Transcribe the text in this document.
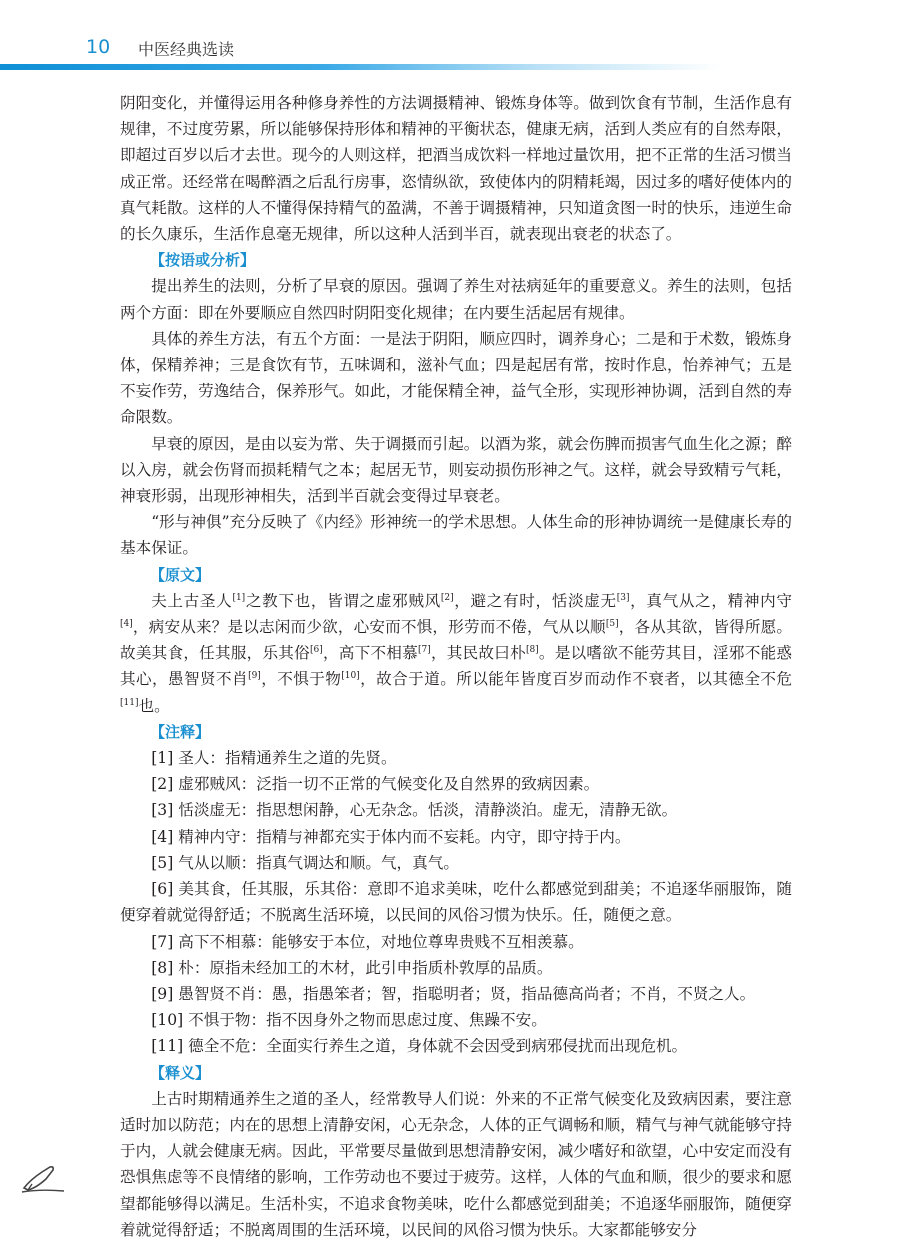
10 中医经典选读

阴阳变化，并懂得运用各种修身养性的方法调摄精神、锻炼身体等。做到饮食有节制，生活作息有规律，不过度劳累，所以能够保持形体和精神的平衡状态，健康无病，活到人类应有的自然寿限，即超过百岁以后才去世。现今的人则这样，把酒当成饮料一样地过量饮用，把不正常的生活习惯当成正常。还经常在喝醉酒之后乱行房事，恣情纵欲，致使体内的阴精耗竭，因过多的嗜好使体内的真气耗散。这样的人不懂得保持精气的盈满，不善于调摄精神，只知道贪图一时的快乐，违逆生命的长久康乐，生活作息毫无规律，所以这种人活到半百，就表现出衰老的状态了。

【按语或分析】

提出养生的法则，分析了早衰的原因。强调了养生对祛病延年的重要意义。养生的法则，包括两个方面：即在外要顺应自然四时阴阳变化规律；在内要生活起居有规律。

具体的养生方法，有五个方面：一是法于阴阳，顺应四时，调养身心；二是和于术数，锻炼身体，保精养神；三是食饮有节，五味调和，滋补气血；四是起居有常，按时作息，怡养神气；五是不妄作劳，劳逸结合，保养形气。如此，才能保精全神，益气全形，实现形神协调，活到自然的寿命限数。

早衰的原因，是由以妄为常、失于调摄而引起。以酒为浆，就会伤脾而损害气血生化之源；醉以入房，就会伤肾而损耗精气之本；起居无节，则妄动损伤形神之气。这样，就会导致精亏气耗，神衰形弱，出现形神相失，活到半百就会变得过早衰老。

“形与神俱”充分反映了《内经》形神统一的学术思想。人体生命的形神协调统一是健康长寿的基本保证。

【原文】

夫上古圣人[1]之教下也，皆谓之虚邪贼风[2]，避之有时，恬淡虚无[3]，真气从之，精神内守[4]，病安从来？是以志闲而少欲，心安而不惧，形劳而不倦，气从以顺[5]，各从其欲，皆得所愿。故美其食，任其服，乐其俗[6]，高下不相慕[7]，其民故曰朴[8]。是以嗜欲不能劳其目，淫邪不能惑其心，愚智贤不肖[9]，不惧于物[10]，故合于道。所以能年皆度百岁而动作不衰者，以其德全不危[11]也。

【注释】

[1] 圣人：指精通养生之道的先贤。

[2] 虚邪贼风：泛指一切不正常的气候变化及自然界的致病因素。

[3] 恬淡虚无：指思想闲静，心无杂念。恬淡，清静淡泊。虚无，清静无欲。

[4] 精神内守：指精与神都充实于体内而不妄耗。内守，即守持于内。

[5] 气从以顺：指真气调达和顺。气，真气。

[6] 美其食，任其服，乐其俗：意即不追求美味，吃什么都感觉到甜美；不追逐华丽服饰，随便穿着就觉得舒适；不脱离生活环境，以民间的风俗习惯为快乐。任，随便之意。

[7] 高下不相慕：能够安于本位，对地位尊卑贵贱不互相羡慕。

[8] 朴：原指未经加工的木材，此引申指质朴敦厚的品质。

[9] 愚智贤不肖：愚，指愚笨者；智，指聪明者；贤，指品德高尚者；不肖，不贤之人。

[10] 不惧于物：指不因身外之物而思虑过度、焦躁不安。

[11] 德全不危：全面实行养生之道，身体就不会因受到病邪侵扰而出现危机。

【释义】

上古时期精通养生之道的圣人，经常教导人们说：外来的不正常气候变化及致病因素，要注意适时加以防范；内在的思想上清静安闲，心无杂念，人体的正气调畅和顺，精气与神气就能够守持于内，人就会健康无病。因此，平常要尽量做到思想清静安闲，减少嗜好和欲望，心中安定而没有恐惧焦虑等不良情绪的影响，工作劳动也不要过于疲劳。这样，人体的气血和顺，很少的要求和愿望都能够得以满足。生活朴实，不追求食物美味，吃什么都感觉到甜美；不追逐华丽服饰，随便穿着就觉得舒适；不脱离周围的生活环境，以民间的风俗习惯为快乐。大家都能够安分
